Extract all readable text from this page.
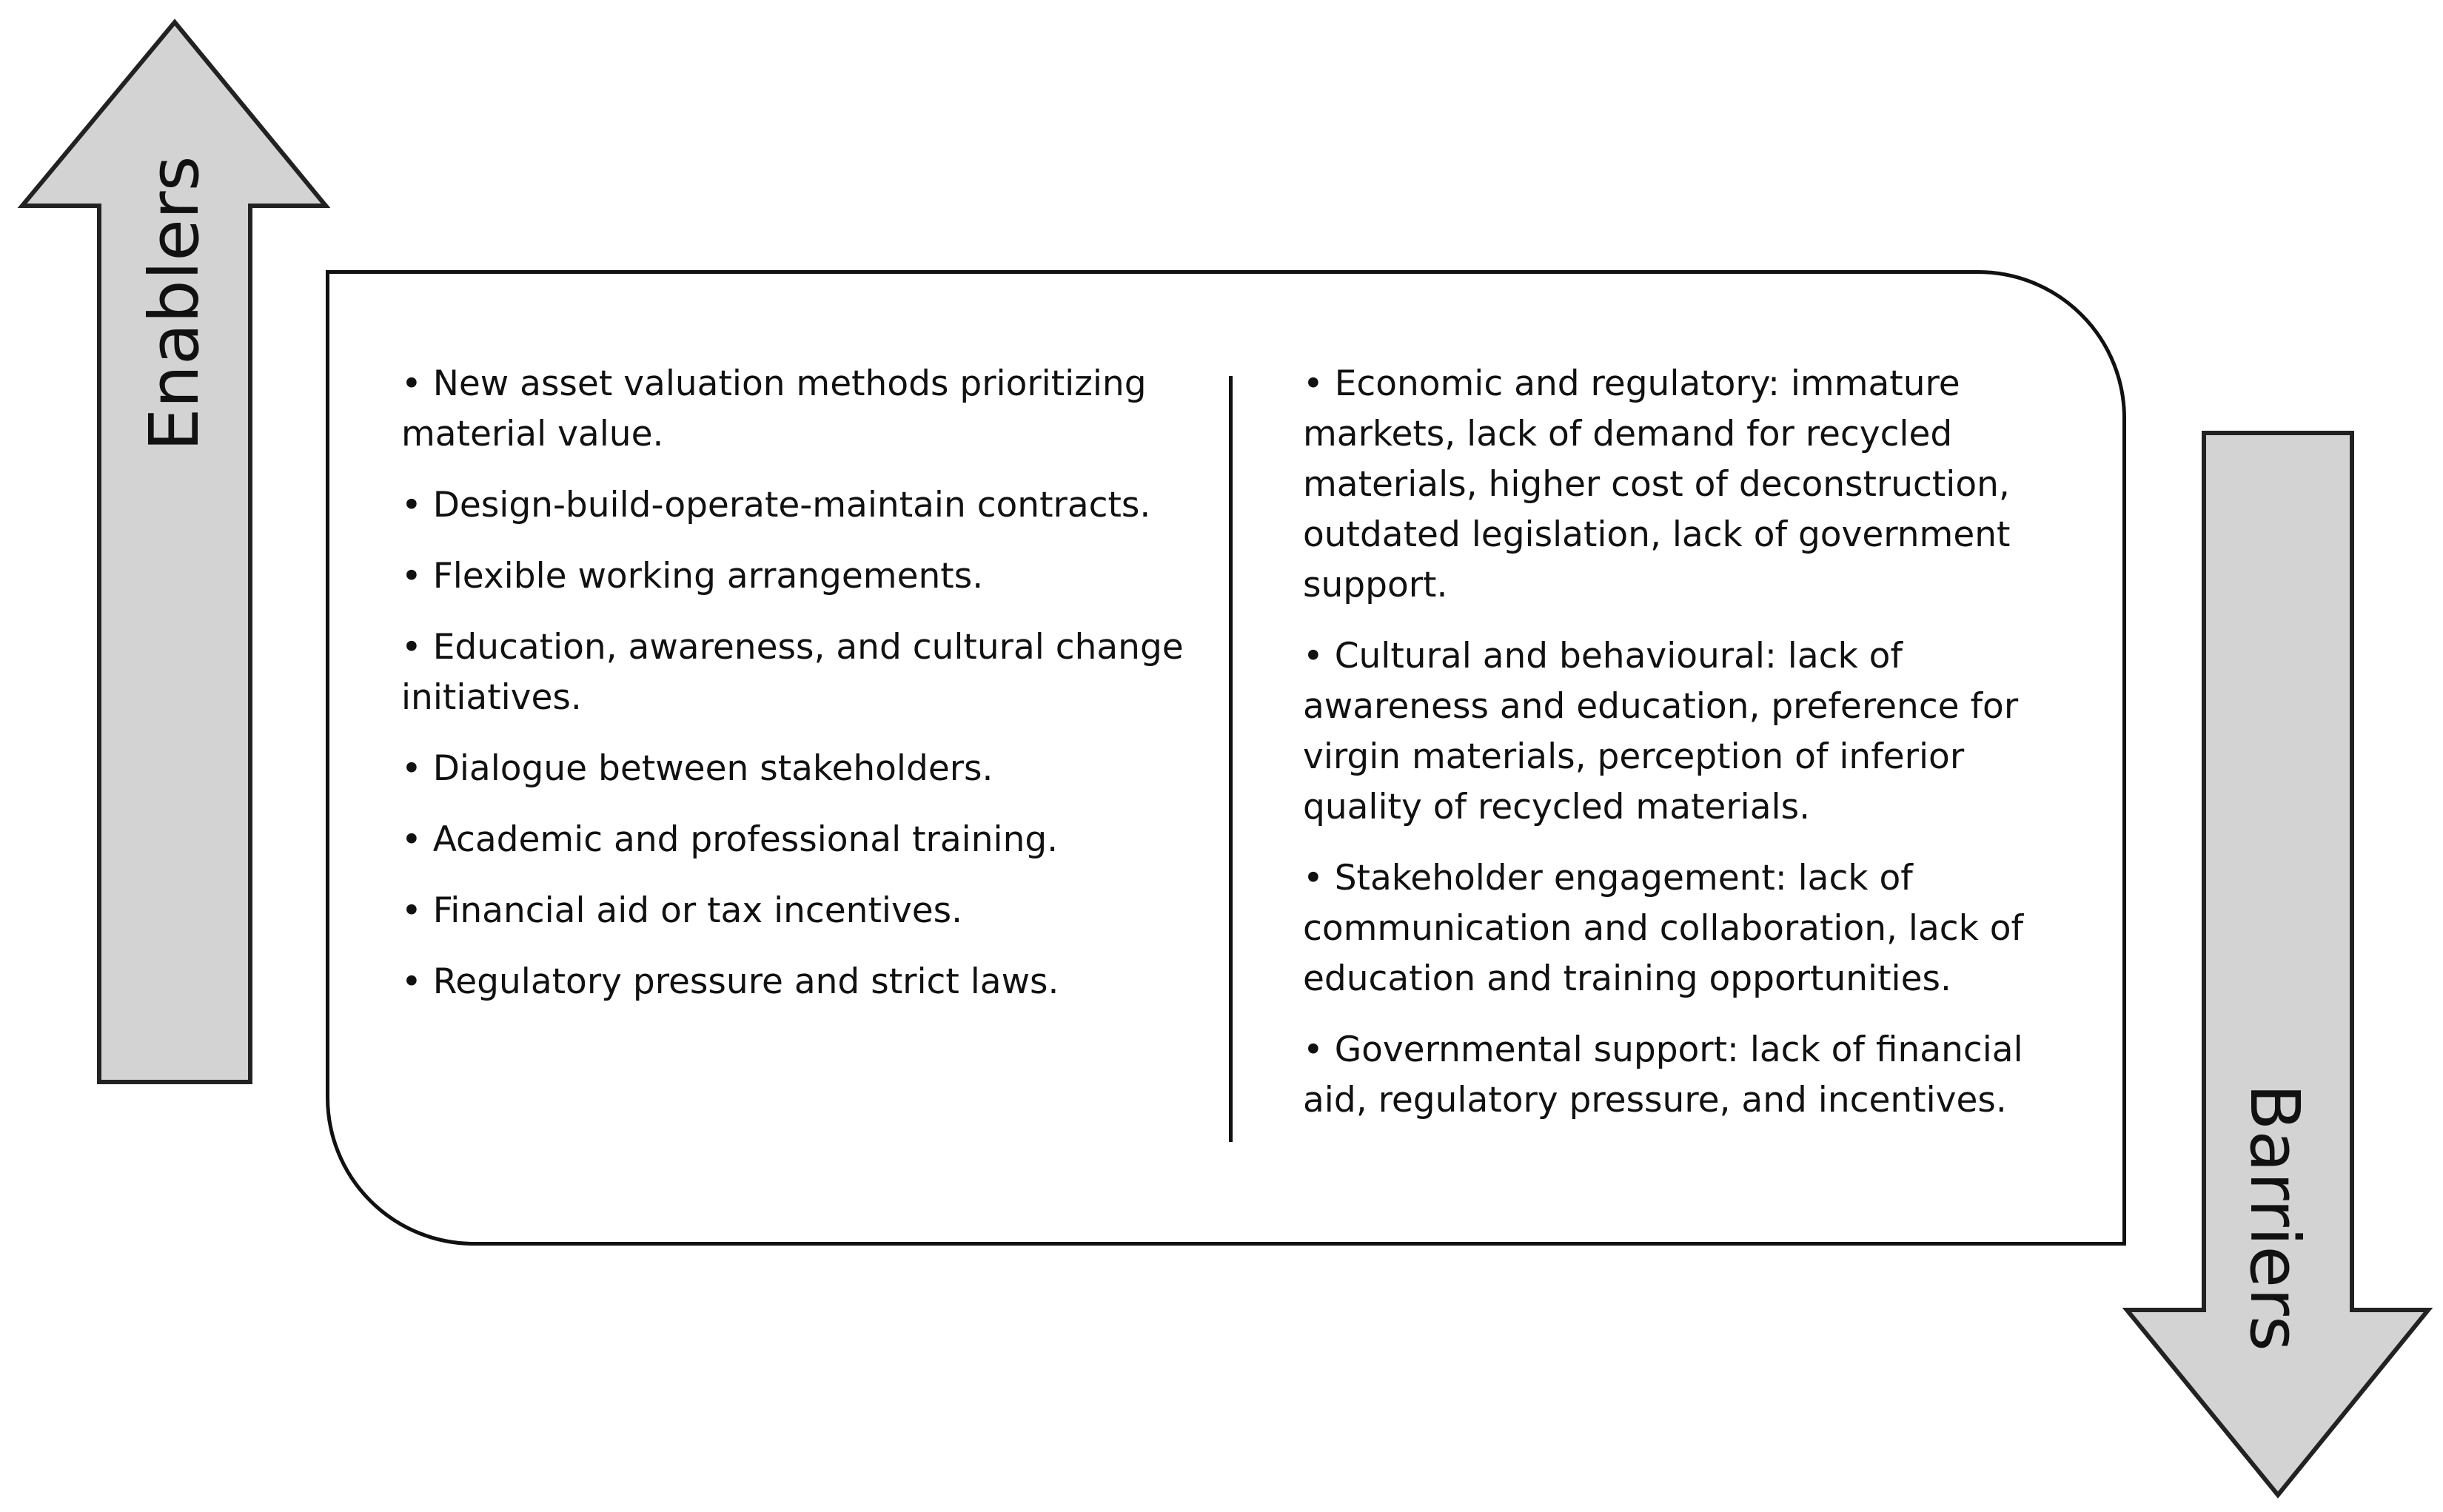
Enablers
Barriers
• New asset valuation methods prioritizing material value.
• Design-build-operate-maintain contracts.
• Flexible working arrangements.
• Education, awareness, and cultural change initiatives.
• Dialogue between stakeholders.
• Academic and professional training.
• Financial aid or tax incentives.
• Regulatory pressure and strict laws.
• Economic and regulatory: immature markets, lack of demand for recycled materials, higher cost of deconstruction, outdated legislation, lack of government support.
• Cultural and behavioural: lack of awareness and education, preference for virgin materials, perception of inferior quality of recycled materials.
• Stakeholder engagement: lack of communication and collaboration, lack of education and training opportunities.
• Governmental support: lack of financial aid, regulatory pressure, and incentives.
